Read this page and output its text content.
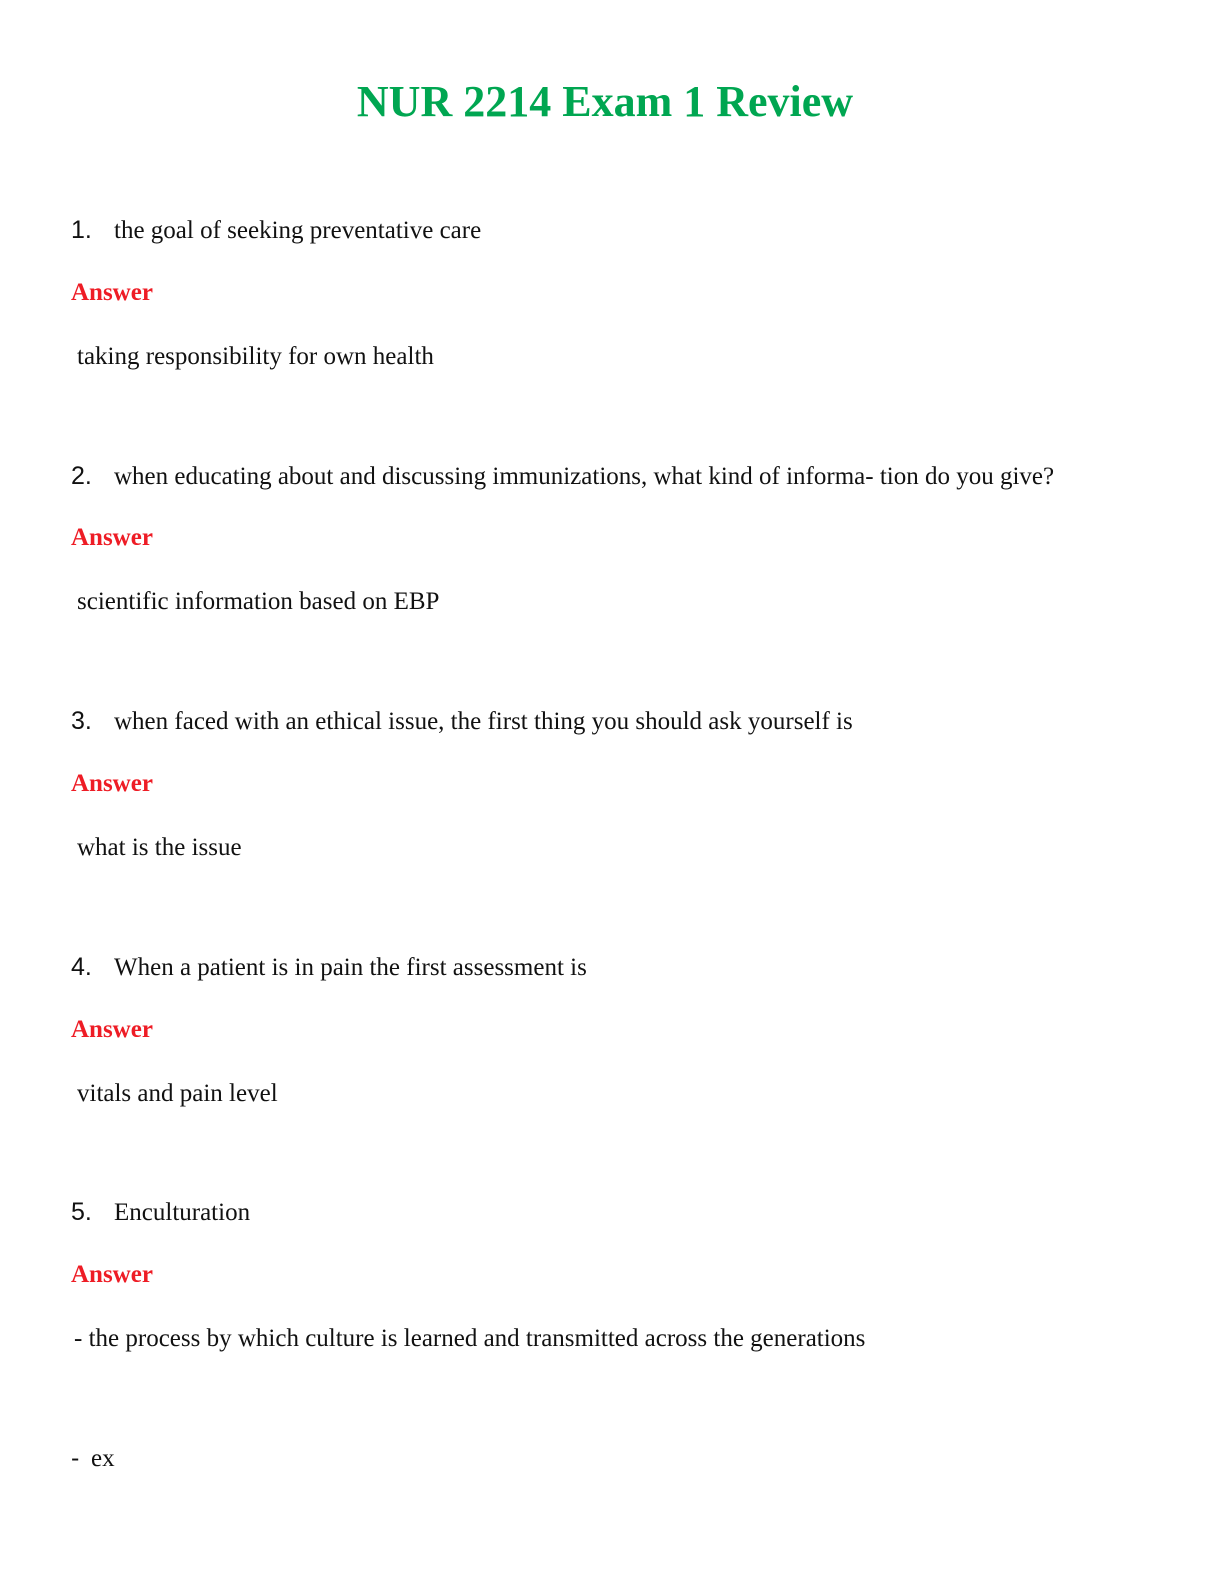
NUR 2214 Exam 1 Review
1. the goal of seeking preventative care
Answer
taking responsibility for own health
2. when educating about and discussing immunizations, what kind of informa- tion do you give?
Answer
scientific information based on EBP
3. when faced with an ethical issue, the first thing you should ask yourself is
Answer
what is the issue
4. When a patient is in pain the first assessment is
Answer
vitals and pain level
5. Enculturation
Answer
- the process by which culture is learned and transmitted across the generations
- ex
